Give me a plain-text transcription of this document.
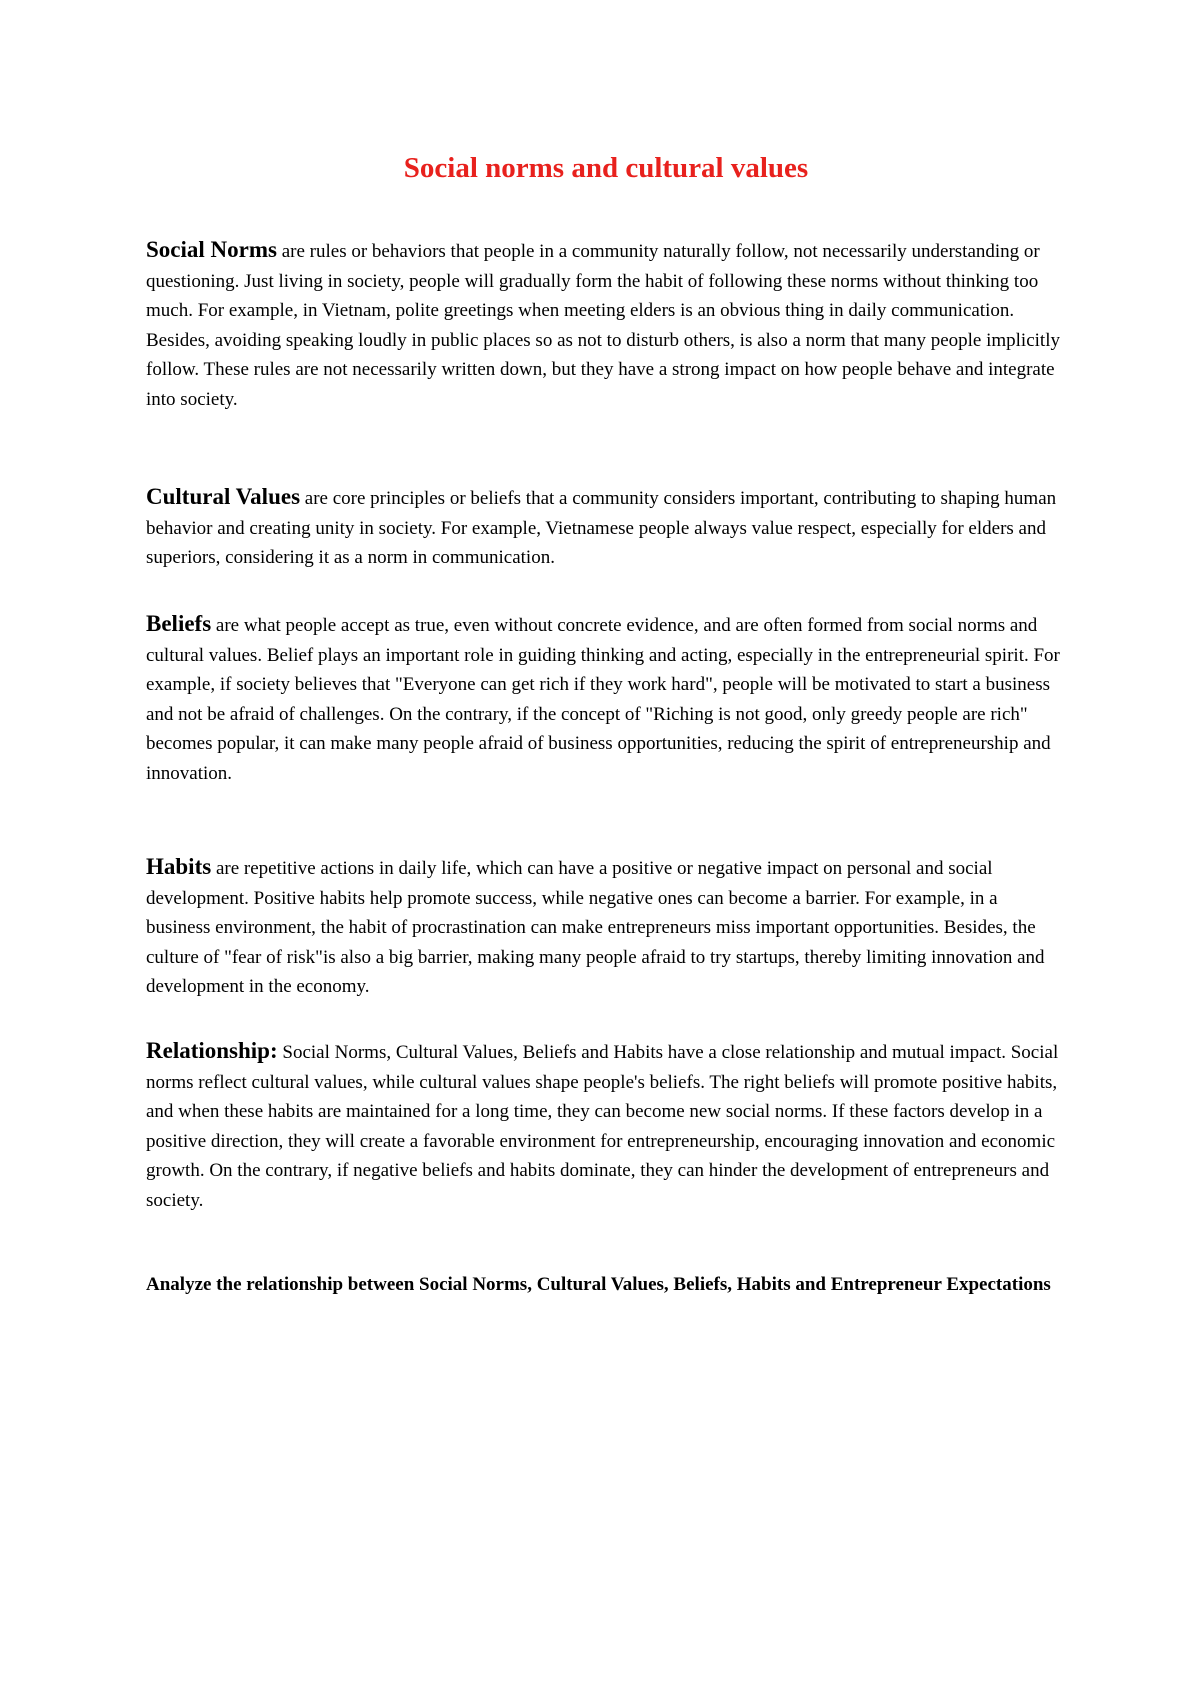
Social norms and cultural values

Social Norms are rules or behaviors that people in a community naturally follow, not necessarily understanding or questioning. Just living in society, people will gradually form the habit of following these norms without thinking too much. For example, in Vietnam, polite greetings when meeting elders is an obvious thing in daily communication. Besides, avoiding speaking loudly in public places so as not to disturb others, is also a norm that many people implicitly follow. These rules are not necessarily written down, but they have a strong impact on how people behave and integrate into society.

Cultural Values are core principles or beliefs that a community considers important, contributing to shaping human behavior and creating unity in society. For example, Vietnamese people always value respect, especially for elders and superiors, considering it as a norm in communication.

Beliefs are what people accept as true, even without concrete evidence, and are often formed from social norms and cultural values. Belief plays an important role in guiding thinking and acting, especially in the entrepreneurial spirit. For example, if society believes that "Everyone can get rich if they work hard", people will be motivated to start a business and not be afraid of challenges. On the contrary, if the concept of "Riching is not good, only greedy people are rich" becomes popular, it can make many people afraid of business opportunities, reducing the spirit of entrepreneurship and innovation.

Habits are repetitive actions in daily life, which can have a positive or negative impact on personal and social development. Positive habits help promote success, while negative ones can become a barrier. For example, in a business environment, the habit of procrastination can make entrepreneurs miss important opportunities. Besides, the culture of "fear of risk"is also a big barrier, making many people afraid to try startups, thereby limiting innovation and development in the economy.

Relationship: Social Norms, Cultural Values, Beliefs and Habits have a close relationship and mutual impact. Social norms reflect cultural values, while cultural values shape people's beliefs. The right beliefs will promote positive habits, and when these habits are maintained for a long time, they can become new social norms. If these factors develop in a positive direction, they will create a favorable environment for entrepreneurship, encouraging innovation and economic growth. On the contrary, if negative beliefs and habits dominate, they can hinder the development of entrepreneurs and society.

Analyze the relationship between Social Norms, Cultural Values, Beliefs, Habits and Entrepreneur Expectations
